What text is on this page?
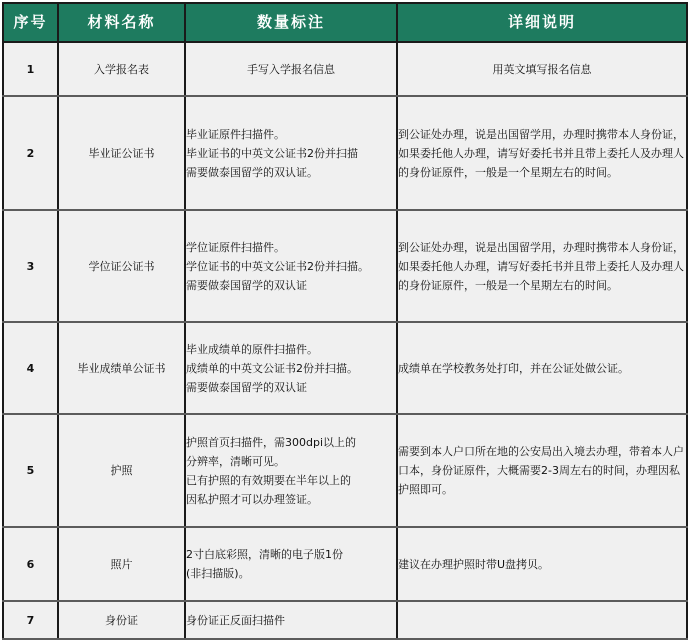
序号	材料名称	数量标注	详细说明
1	入学报名表	手写入学报名信息	用英文填写报名信息
2	毕业证公证书	毕业证原件扫描件。
毕业证书的中英文公证书2份并扫描
需要做泰国留学的双认证。	到公证处办理，说是出国留学用，办理时携带本人身份证，如果委托他人办理，请写好委托书并且带上委托人及办理人的身份证原件，一般是一个星期左右的时间。

3	学位证公证书	学位证原件扫描件。
学位证书的中英文公证书2份并扫描。
需要做泰国留学的双认证	到公证处办理，说是出国留学用，办理时携带本人身份证，如果委托他人办理，请写好委托书并且带上委托人及办理人的身份证原件，一般是一个星期左右的时间。

4	毕业成绩单公证书	毕业成绩单的原件扫描件。
成绩单的中英文公证书2份并扫描。
需要做泰国留学的双认证	成绩单在学校教务处打印，并在公证处做公证。

5	护照	护照首页扫描件，需300dpi以上的
分辨率，清晰可见。
已有护照的有效期要在半年以上的
因私护照才可以办理签证。	需要到本人户口所在地的公安局出入境去办理，带着本人户口本，身份证原件，大概需要2-3周左右的时间，办理因私护照即可。

6	照片	2寸白底彩照，清晰的电子版1份
(非扫描版)。	建议在办理护照时带U盘拷贝。

7	身份证	身份证正反面扫描件	
